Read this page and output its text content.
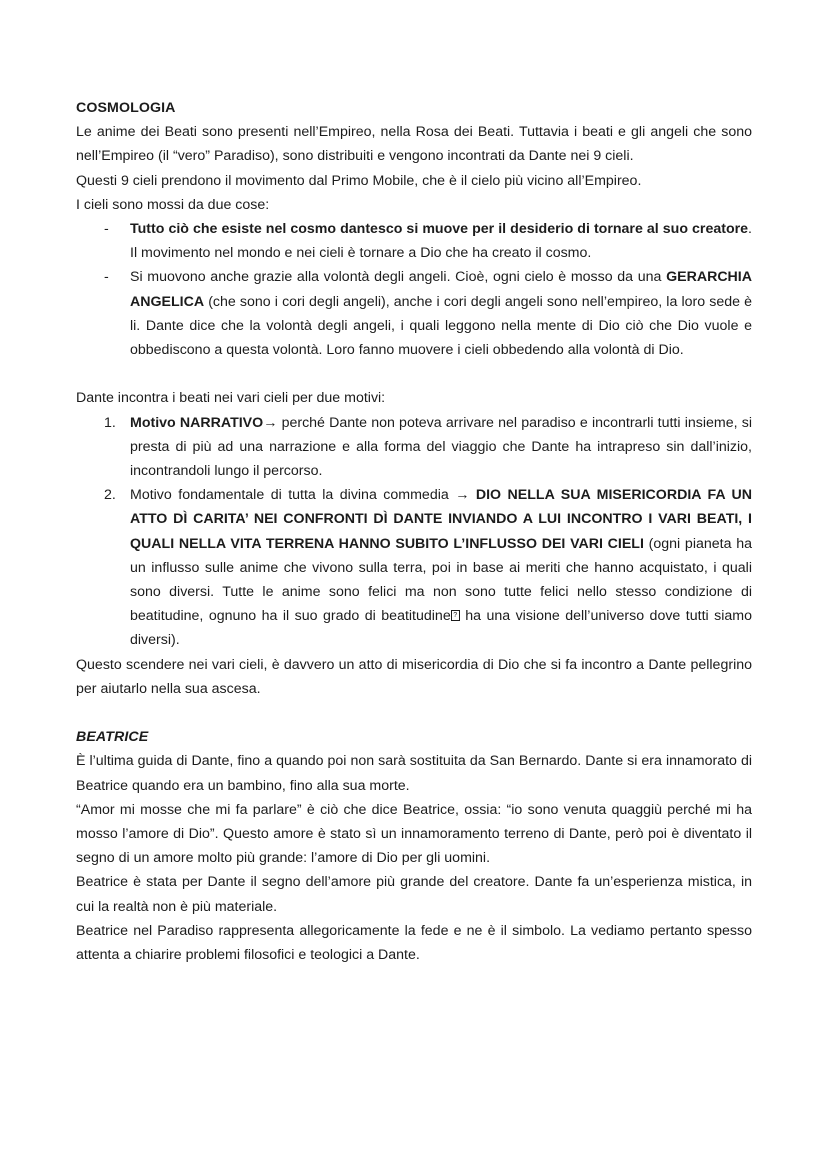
COSMOLOGIA

Le anime dei Beati sono presenti nell’Empireo, nella Rosa dei Beati. Tuttavia i beati e gli angeli che sono nell’Empireo (il “vero” Paradiso), sono distribuiti e vengono incontrati da Dante nei 9 cieli.

Questi 9 cieli prendono il movimento dal Primo Mobile, che è il cielo più vicino all’Empireo.

I cieli sono mossi da due cose:

-	Tutto ciò che esiste nel cosmo dantesco si muove per il desiderio di tornare al suo creatore. Il movimento nel mondo e nei cieli è tornare a Dio che ha creato il cosmo.
-	Si muovono anche grazie alla volontà degli angeli. Cioè, ogni cielo è mosso da una GERARCHIA ANGELICA (che sono i cori degli angeli), anche i cori degli angeli sono nell’empireo, la loro sede è li. Dante dice che la volontà degli angeli, i quali leggono nella mente di Dio ciò che Dio vuole e obbediscono a questa volontà. Loro fanno muovere i cieli obbedendo alla volontà di Dio.

Dante incontra i beati nei vari cieli per due motivi:

1. Motivo NARRATIVO→ perché Dante non poteva arrivare nel paradiso e incontrarli tutti insieme, si presta di più ad una narrazione e alla forma del viaggio che Dante ha intrapreso sin dall’inizio, incontrandoli lungo il percorso.
2. Motivo fondamentale di tutta la divina commedia → DIO NELLA SUA MISERICORDIA FA UN ATTO DÌ CARITA’ NEI CONFRONTI DÌ DANTE INVIANDO A LUI INCONTRO I VARI BEATI, I QUALI NELLA VITA TERRENA HANNO SUBITO L’INFLUSSO DEI VARI CIELI (ogni pianeta ha un influsso sulle anime che vivono sulla terra, poi in base ai meriti che hanno acquistato, i quali sono diversi. Tutte le anime sono felici ma non sono tutte felici nello stesso condizione di beatitudine, ognuno ha il suo grado di beatitudine? ha una visione dell’universo dove tutti siamo diversi).

Questo scendere nei vari cieli, è davvero un atto di misericordia di Dio che si fa incontro a Dante pellegrino per aiutarlo nella sua ascesa.

BEATRICE

È l’ultima guida di Dante, fino a quando poi non sarà sostituita da San Bernardo. Dante si era innamorato di Beatrice quando era un bambino, fino alla sua morte.

“Amor mi mosse che mi fa parlare” è ciò che dice Beatrice, ossia: “io sono venuta quaggiù perché mi ha mosso l’amore di Dio”. Questo amore è stato sì un innamoramento terreno di Dante, però poi è diventato il segno di un amore molto più grande: l’amore di Dio per gli uomini.

Beatrice è stata per Dante il segno dell’amore più grande del creatore. Dante fa un’esperienza mistica, in cui la realtà non è più materiale.

Beatrice nel Paradiso rappresenta allegoricamente la fede e ne è il simbolo. La vediamo pertanto spesso attenta a chiarire problemi filosofici e teologici a Dante.
